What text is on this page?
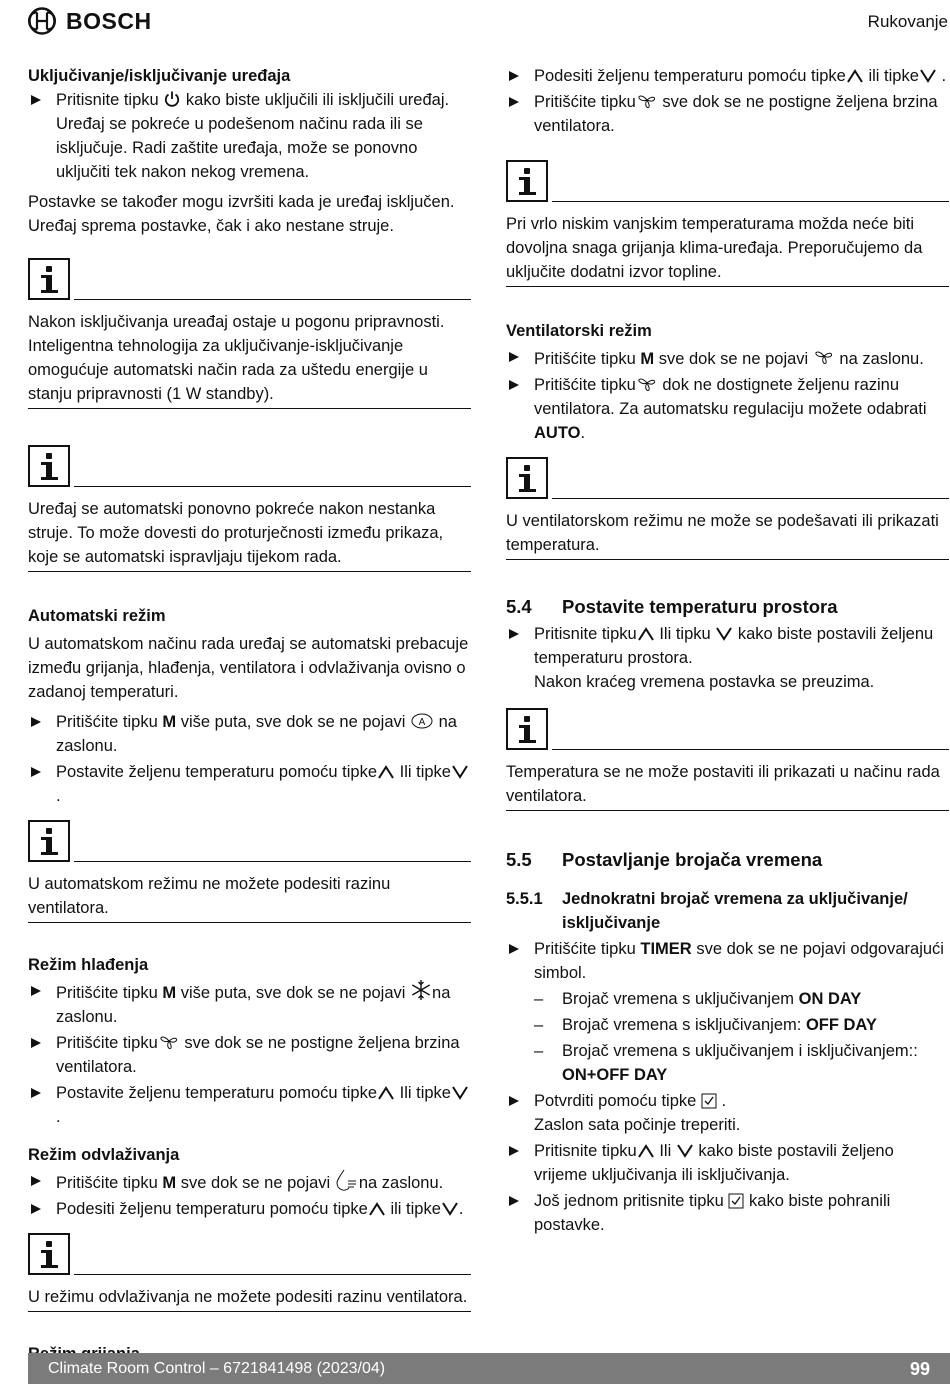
BOSCH	Rukovanje
Uključivanje/isključivanje uređaja

Pritisnite tipku kako biste uključili ili isključili uređaj. Uređaj se pokreće u podešenom načinu rada ili se isključuje. Radi zaštite uređaja, može se ponovno uključiti tek nakon nekog vremena.

Postavke se također mogu izvršiti kada je uređaj isključen. Uređaj sprema postavke, čak i ako nestane struje.

Nakon isključivanja ureađaj ostaje u pogonu pripravnosti. Inteligentna tehnologija za uključivanje-isključivanje omogućuje automatski način rada za uštedu energije u stanju pripravnosti (1 W standby).

Uređaj se automatski ponovno pokreće nakon nestanka struje. To može dovesti do proturječnosti između prikaza, koje se automatski ispravljaju tijekom rada.

Automatski režim

U automatskom načinu rada uređaj se automatski prebacuje između grijanja, hlađenja, ventilatora i odvlaživanja ovisno o zadanoj temperaturi.

Pritišćite tipku M više puta, sve dok se ne pojavi A na zaslonu.

Postavite željenu temperaturu pomoću tipke Ili tipke.

U automatskom režimu ne možete podesiti razinu ventilatora.

Režim hlađenja

Pritišćite tipku M više puta, sve dok se ne pojavi na zaslonu.

Pritišćite tipku sve dok se ne postigne željena brzina ventilatora.

Postavite željenu temperaturu pomoću tipke Ili tipke.

Režim odvlaživanja

Pritišćite tipku M sve dok se ne pojavi na zaslonu.

Podesiti željenu temperaturu pomoću tipke ili tipke .

U režimu odvlaživanja ne možete podesiti razinu ventilatora.

Podesiti željenu temperaturu pomoću tipke ili tipke .

Pritišćite tipku sve dok se ne postigne željena brzina ventilatora.

Pri vrlo niskim vanjskim temperaturama možda neće biti dovoljna snaga grijanja klima-uređaja. Preporučujemo da uključite dodatni izvor topline.

Ventilatorski režim

Pritišćite tipku M sve dok se ne pojavi na zaslonu.

Pritišćite tipku dok ne dostignete željenu razinu ventilatora. Za automatsku regulaciju možete odabrati AUTO.

U ventilatorskom režimu ne može se podešavati ili prikazati temperatura.

5.4 Postavite temperaturu prostora

Pritisnite tipku Ili tipku kako biste postavili željenu temperaturu prostora.

Nakon kraćeg vremena postavka se preuzima.

Temperatura se ne može postaviti ili prikazati u načinu rada ventilatora.

5.5 Postavljanje brojača vremena
5.5.1	Jednokratni brojač vremena za uključivanje/ isključivanje

Pritišćite tipku TIMER sve dok se ne pojavi odgovarajući simbol.

– Brojač vremena s uključivanjem ON DAY

– Brojač vremena s isključivanjem: OFF DAY

– Brojač vremena s uključivanjem i isključivanjem:: ON+OFF DAY

Potvrditi pomoću tipke  .

Zaslon sata počinje treperiti.

Pritisnite tipku Ili kako biste postavili željeno vrijeme uključivanja ili isključivanja.

Još jednom pritisnite tipku kako biste pohranili postavke.

Climate Room Control – 6721841498 (2023/04)	99
